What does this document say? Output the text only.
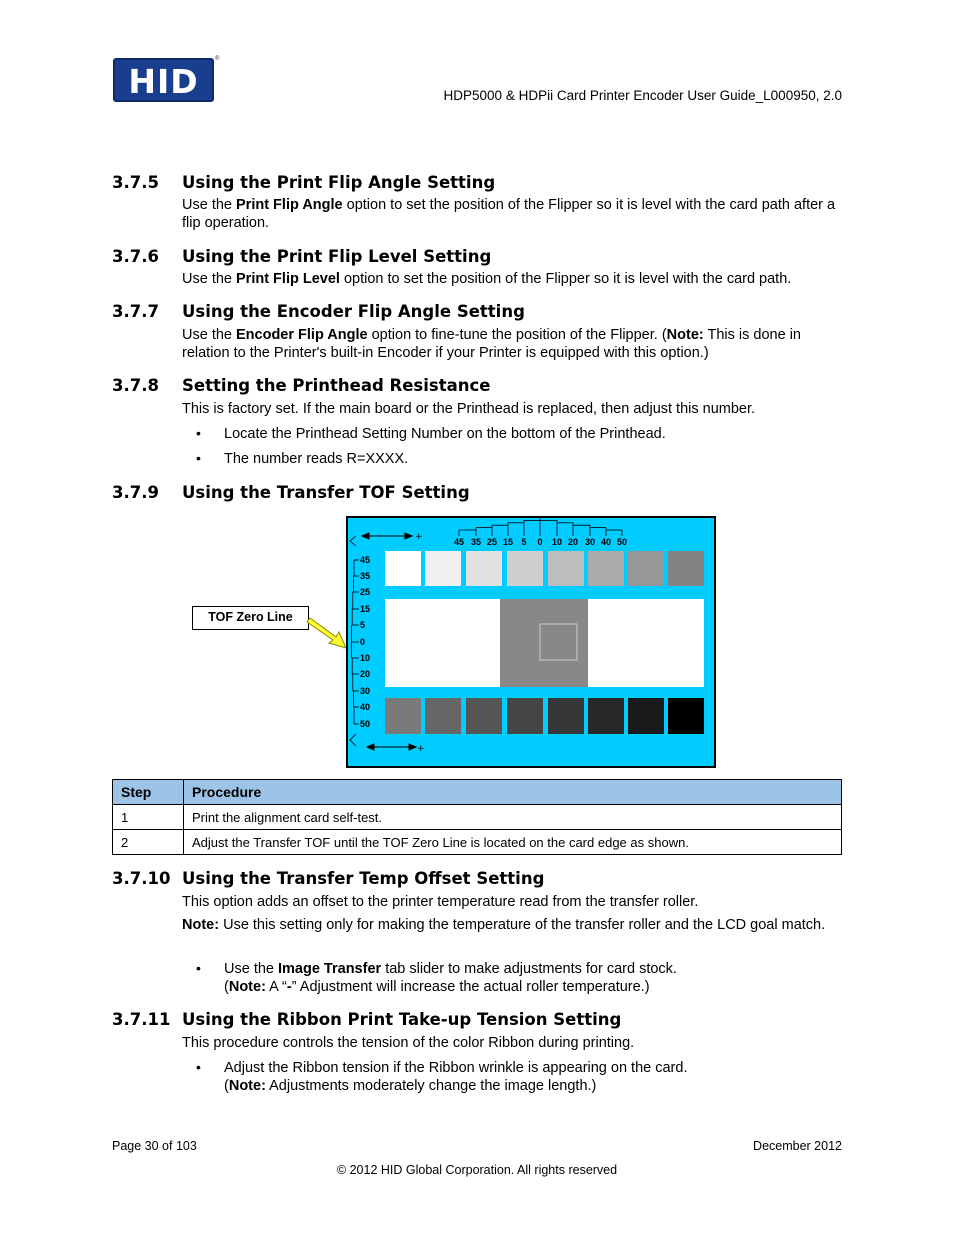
HID
®
HDP5000 & HDPii Card Printer Encoder User Guide_L000950, 2.0
3.7.5 Using the Print Flip Angle Setting
Use the Print Flip Angle option to set the position of the Flipper so it is level with the card path after a flip operation.
3.7.6 Using the Print Flip Level Setting
Use the Print Flip Level option to set the position of the Flipper so it is level with the card path.
3.7.7 Using the Encoder Flip Angle Setting
Use the Encoder Flip Angle option to fine-tune the position of the Flipper. (Note: This is done in relation to the Printer's built-in Encoder if your Printer is equipped with this option.)
3.7.8 Setting the Printhead Resistance
This is factory set. If the main board or the Printhead is replaced, then adjust this number.
• Locate the Printhead Setting Number on the bottom of the Printhead.
• The number reads R=XXXX.
3.7.9 Using the Transfer TOF Setting
TOF Zero Line
-	+	45 35 25 15 5 0 10 20 30 40 50
45
35
25
15
5
0
10
20
30
40
50
-	+
Step	Procedure
1	Print the alignment card self-test.
2	Adjust the Transfer TOF until the TOF Zero Line is located on the card edge as shown.
3.7.10 Using the Transfer Temp Offset Setting
This option adds an offset to the printer temperature read from the transfer roller.
Note: Use this setting only for making the temperature of the transfer roller and the LCD goal match.
• Use the Image Transfer tab slider to make adjustments for card stock.
(Note: A “-” Adjustment will increase the actual roller temperature.)
3.7.11 Using the Ribbon Print Take-up Tension Setting
This procedure controls the tension of the color Ribbon during printing.
• Adjust the Ribbon tension if the Ribbon wrinkle is appearing on the card.
(Note: Adjustments moderately change the image length.)
Page 30 of 103	December 2012
© 2012 HID Global Corporation. All rights reserved
